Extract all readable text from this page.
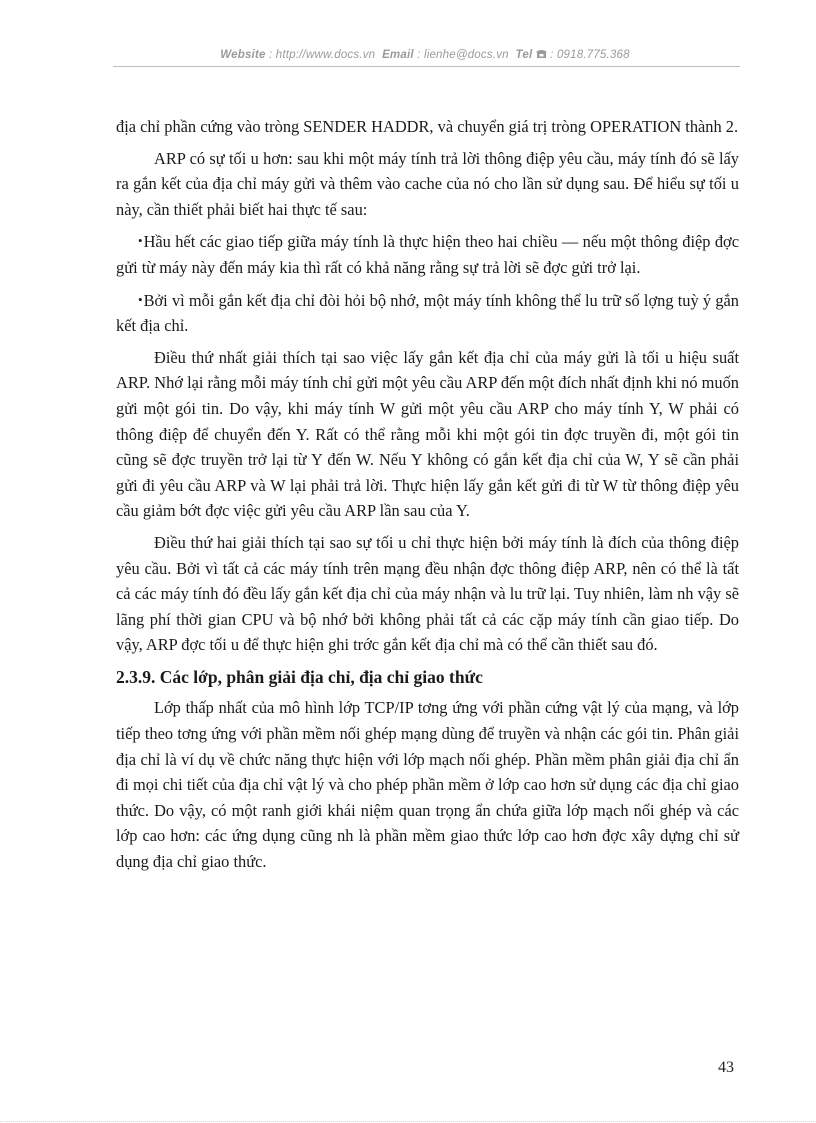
Website : http://www.docs.vn Email : lienhe@docs.vn Tel : 0918.775.368

địa chỉ phần cứng vào tròng SENDER HADDR, và chuyển giá trị tròng OPERATION thành 2.

ARP có sự tối u hơn: sau khi một máy tính trả lời thông điệp yêu cầu, máy tính đó sẽ lấy ra gắn kết của địa chỉ máy gửi và thêm vào cache của nó cho lần sử dụng sau. Để hiểu sự tối u này, cần thiết phải biết hai thực tế sau:

•Hầu hết các giao tiếp giữa máy tính là thực hiện theo hai chiều — nếu một thông điệp đợc gửi từ máy này đến máy kia thì rất có khả năng rằng sự trả lời sẽ đợc gửi trở lại.

•Bởi vì mỗi gắn kết địa chỉ đòi hỏi bộ nhớ, một máy tính không thể lu trữ số lợng tuỳ ý gắn kết địa chỉ.

Điều thứ nhất giải thích tại sao việc lấy gắn kết địa chỉ của máy gửi là tối u hiệu suất ARP. Nhớ lại rằng mỗi máy tính chỉ gửi một yêu cầu ARP đến một đích nhất định khi nó muốn gửi một gói tin. Do vậy, khi máy tính W gửi một yêu cầu ARP cho máy tính Y, W phải có thông điệp để chuyển đến Y. Rất có thể rằng mỗi khi một gói tin đợc truyền đi, một gói tin cũng sẽ đợc truyền trở lại từ Y đến W. Nếu Y không có gắn kết địa chỉ của W, Y sẽ cần phải gửi đi yêu cầu ARP và W lại phải trả lời. Thực hiện lấy gắn kết gửi đi từ W từ thông điệp yêu cầu giảm bớt đợc việc gửi yêu cầu ARP lần sau của Y.

Điều thứ hai giải thích tại sao sự tối u chỉ thực hiện bởi máy tính là đích của thông điệp yêu cầu. Bởi vì tất cả các máy tính trên mạng đều nhận đợc thông điệp ARP, nên có thể là tất cả các máy tính đó đều lấy gắn kết địa chỉ của máy nhận và lu trữ lại. Tuy nhiên, làm nh vậy sẽ lãng phí thời gian CPU và bộ nhớ bởi không phải tất cả các cặp máy tính cần giao tiếp. Do vậy, ARP đợc tối u để thực hiện ghi trớc gắn kết địa chỉ mà có thể cần thiết sau đó.

2.3.9. Các lớp, phân giải địa chỉ, địa chỉ giao thức

Lớp thấp nhất của mô hình lớp TCP/IP tơng ứng với phần cứng vật lý của mạng, và lớp tiếp theo tơng ứng với phần mềm nối ghép mạng dùng để truyền và nhận các gói tin. Phân giải địa chỉ là ví dụ về chức năng thực hiện với lớp mạch nối ghép. Phần mềm phân giải địa chỉ ẩn đi mọi chi tiết của địa chỉ vật lý và cho phép phần mềm ở lớp cao hơn sử dụng các địa chỉ giao thức. Do vậy, có một ranh giới khái niệm quan trọng ẩn chứa giữa lớp mạch nối ghép và các lớp cao hơn: các ứng dụng cũng nh là phần mềm giao thức lớp cao hơn đợc xây dựng chỉ sử dụng địa chỉ giao thức.

43
